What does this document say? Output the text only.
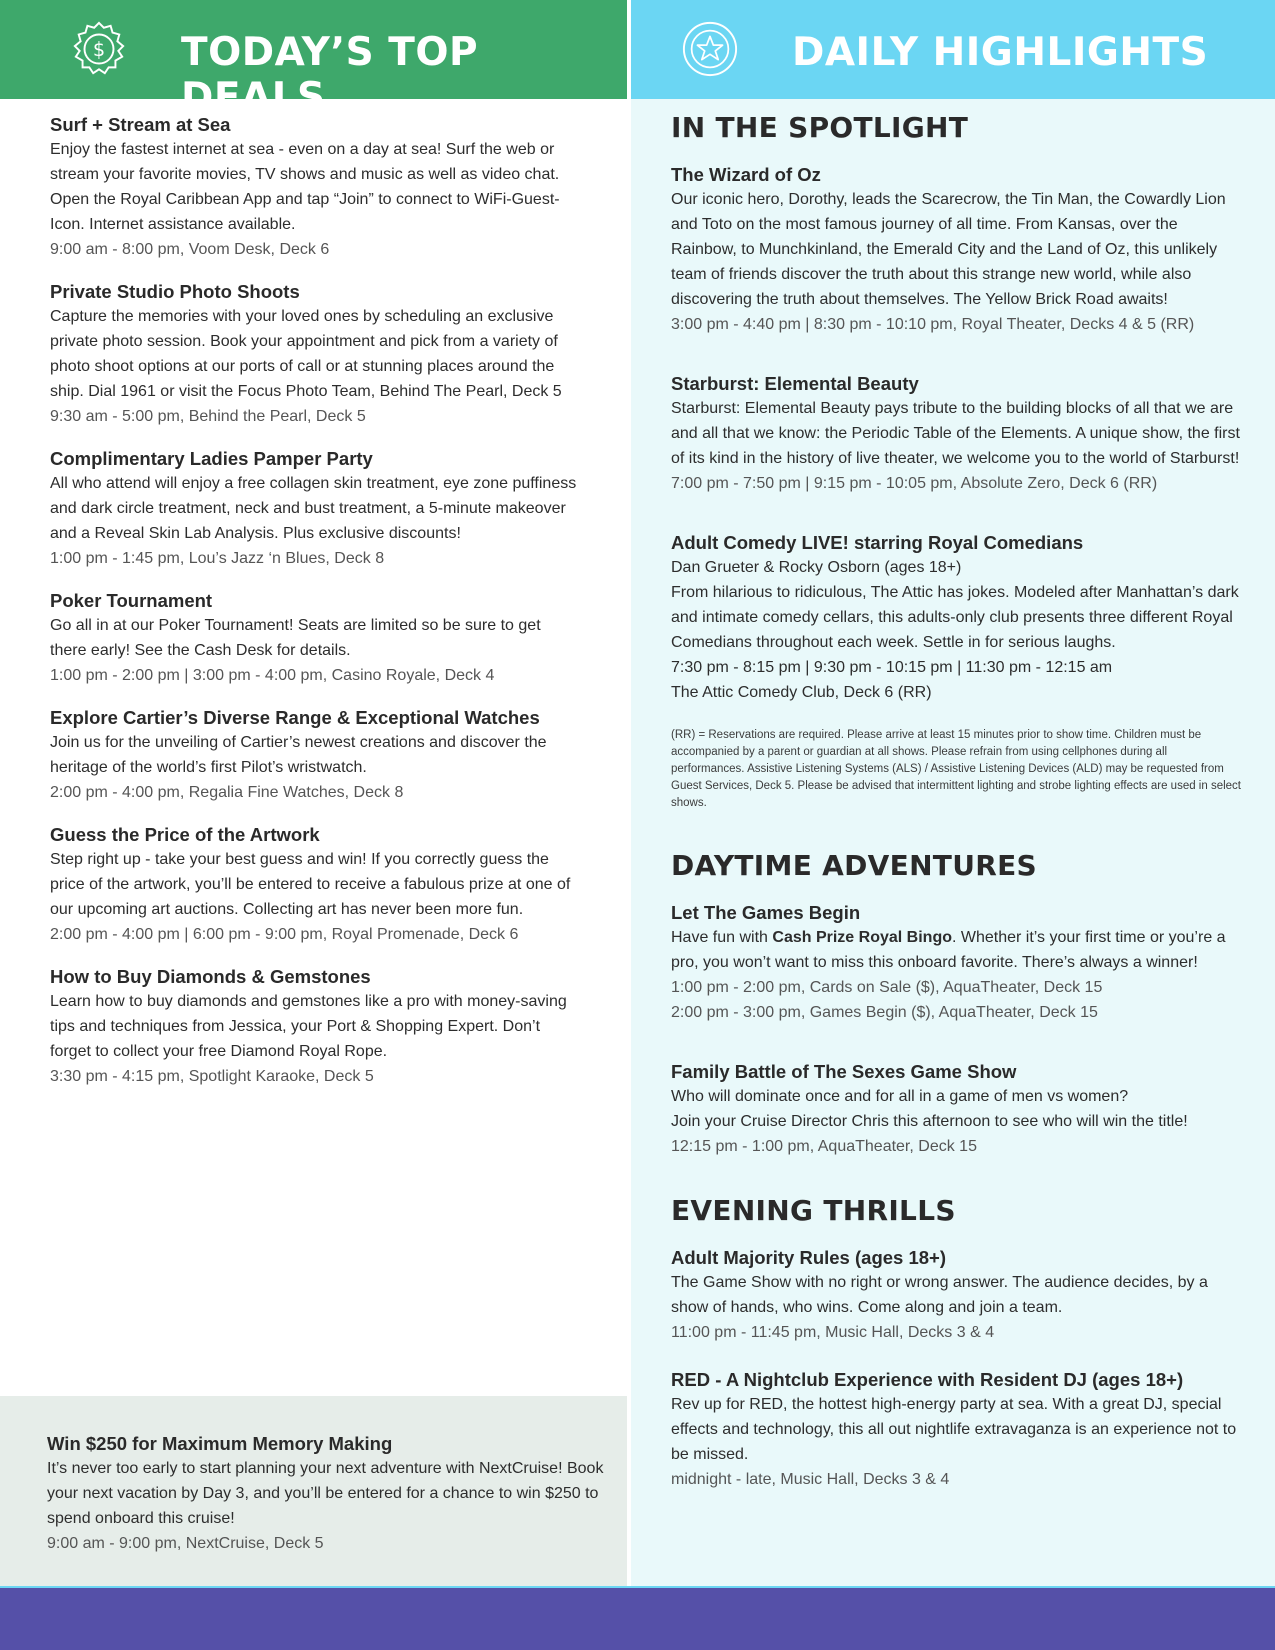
$ TODAY’S TOP DEALS
DAILY HIGHLIGHTS
Surf + Stream at Sea
Enjoy the fastest internet at sea - even on a day at sea! Surf the web or stream your favorite movies, TV shows and music as well as video chat. Open the Royal Caribbean App and tap “Join” to connect to WiFi-Guest-Icon. Internet assistance available.
9:00 am - 8:00 pm, Voom Desk, Deck 6
Private Studio Photo Shoots
Capture the memories with your loved ones by scheduling an exclusive private photo session. Book your appointment and pick from a variety of photo shoot options at our ports of call or at stunning places around the ship. Dial 1961 or visit the Focus Photo Team, Behind The Pearl, Deck 5
9:30 am - 5:00 pm, Behind the Pearl, Deck 5
Complimentary Ladies Pamper Party
All who attend will enjoy a free collagen skin treatment, eye zone puffiness and dark circle treatment, neck and bust treatment, a 5-minute makeover and a Reveal Skin Lab Analysis. Plus exclusive discounts!
1:00 pm - 1:45 pm, Lou’s Jazz ‘n Blues, Deck 8
Poker Tournament
Go all in at our Poker Tournament! Seats are limited so be sure to get there early! See the Cash Desk for details.
1:00 pm - 2:00 pm | 3:00 pm - 4:00 pm, Casino Royale, Deck 4
Explore Cartier’s Diverse Range & Exceptional Watches
Join us for the unveiling of Cartier’s newest creations and discover the heritage of the world’s first Pilot’s wristwatch.
2:00 pm - 4:00 pm, Regalia Fine Watches, Deck 8
Guess the Price of the Artwork
Step right up - take your best guess and win! If you correctly guess the price of the artwork, you’ll be entered to receive a fabulous prize at one of our upcoming art auctions. Collecting art has never been more fun.
2:00 pm - 4:00 pm | 6:00 pm - 9:00 pm, Royal Promenade, Deck 6
How to Buy Diamonds & Gemstones
Learn how to buy diamonds and gemstones like a pro with money-saving tips and techniques from Jessica, your Port & Shopping Expert. Don’t forget to collect your free Diamond Royal Rope.
3:30 pm - 4:15 pm, Spotlight Karaoke, Deck 5
Win $250 for Maximum Memory Making
It’s never too early to start planning your next adventure with NextCruise! Book your next vacation by Day 3, and you’ll be entered for a chance to win $250 to spend onboard this cruise!
9:00 am - 9:00 pm, NextCruise, Deck 5
IN THE SPOTLIGHT
The Wizard of Oz
Our iconic hero, Dorothy, leads the Scarecrow, the Tin Man, the Cowardly Lion and Toto on the most famous journey of all time. From Kansas, over the Rainbow, to Munchkinland, the Emerald City and the Land of Oz, this unlikely team of friends discover the truth about this strange new world, while also discovering the truth about themselves. The Yellow Brick Road awaits!
3:00 pm - 4:40 pm | 8:30 pm - 10:10 pm, Royal Theater, Decks 4 & 5 (RR)
Starburst: Elemental Beauty
Starburst: Elemental Beauty pays tribute to the building blocks of all that we are and all that we know: the Periodic Table of the Elements. A unique show, the first of its kind in the history of live theater, we welcome you to the world of Starburst!
7:00 pm - 7:50 pm | 9:15 pm - 10:05 pm, Absolute Zero, Deck 6 (RR)
Adult Comedy LIVE! starring Royal Comedians
Dan Grueter & Rocky Osborn (ages 18+)
From hilarious to ridiculous, The Attic has jokes. Modeled after Manhattan’s dark and intimate comedy cellars, this adults-only club presents three different Royal Comedians throughout each week. Settle in for serious laughs.
7:30 pm - 8:15 pm | 9:30 pm - 10:15 pm | 11:30 pm - 12:15 am
The Attic Comedy Club, Deck 6 (RR)
(RR) = Reservations are required. Please arrive at least 15 minutes prior to show time. Children must be accompanied by a parent or guardian at all shows. Please refrain from using cellphones during all performances. Assistive Listening Systems (ALS) / Assistive Listening Devices (ALD) may be requested from Guest Services, Deck 5. Please be advised that intermittent lighting and strobe lighting effects are used in select shows.
DAYTIME ADVENTURES
Let The Games Begin
Have fun with Cash Prize Royal Bingo. Whether it’s your first time or you’re a pro, you won’t want to miss this onboard favorite. There’s always a winner!
1:00 pm - 2:00 pm, Cards on Sale ($), AquaTheater, Deck 15
2:00 pm - 3:00 pm, Games Begin ($), AquaTheater, Deck 15
Family Battle of The Sexes Game Show
Who will dominate once and for all in a game of men vs women?
Join your Cruise Director Chris this afternoon to see who will win the title!
12:15 pm - 1:00 pm, AquaTheater, Deck 15
EVENING THRILLS
Adult Majority Rules (ages 18+)
The Game Show with no right or wrong answer. The audience decides, by a show of hands, who wins. Come along and join a team.
11:00 pm - 11:45 pm, Music Hall, Decks 3 & 4
RED - A Nightclub Experience with Resident DJ (ages 18+)
Rev up for RED, the hottest high-energy party at sea. With a great DJ, special effects and technology, this all out nightlife extravaganza is an experience not to be missed.
midnight - late, Music Hall, Decks 3 & 4
